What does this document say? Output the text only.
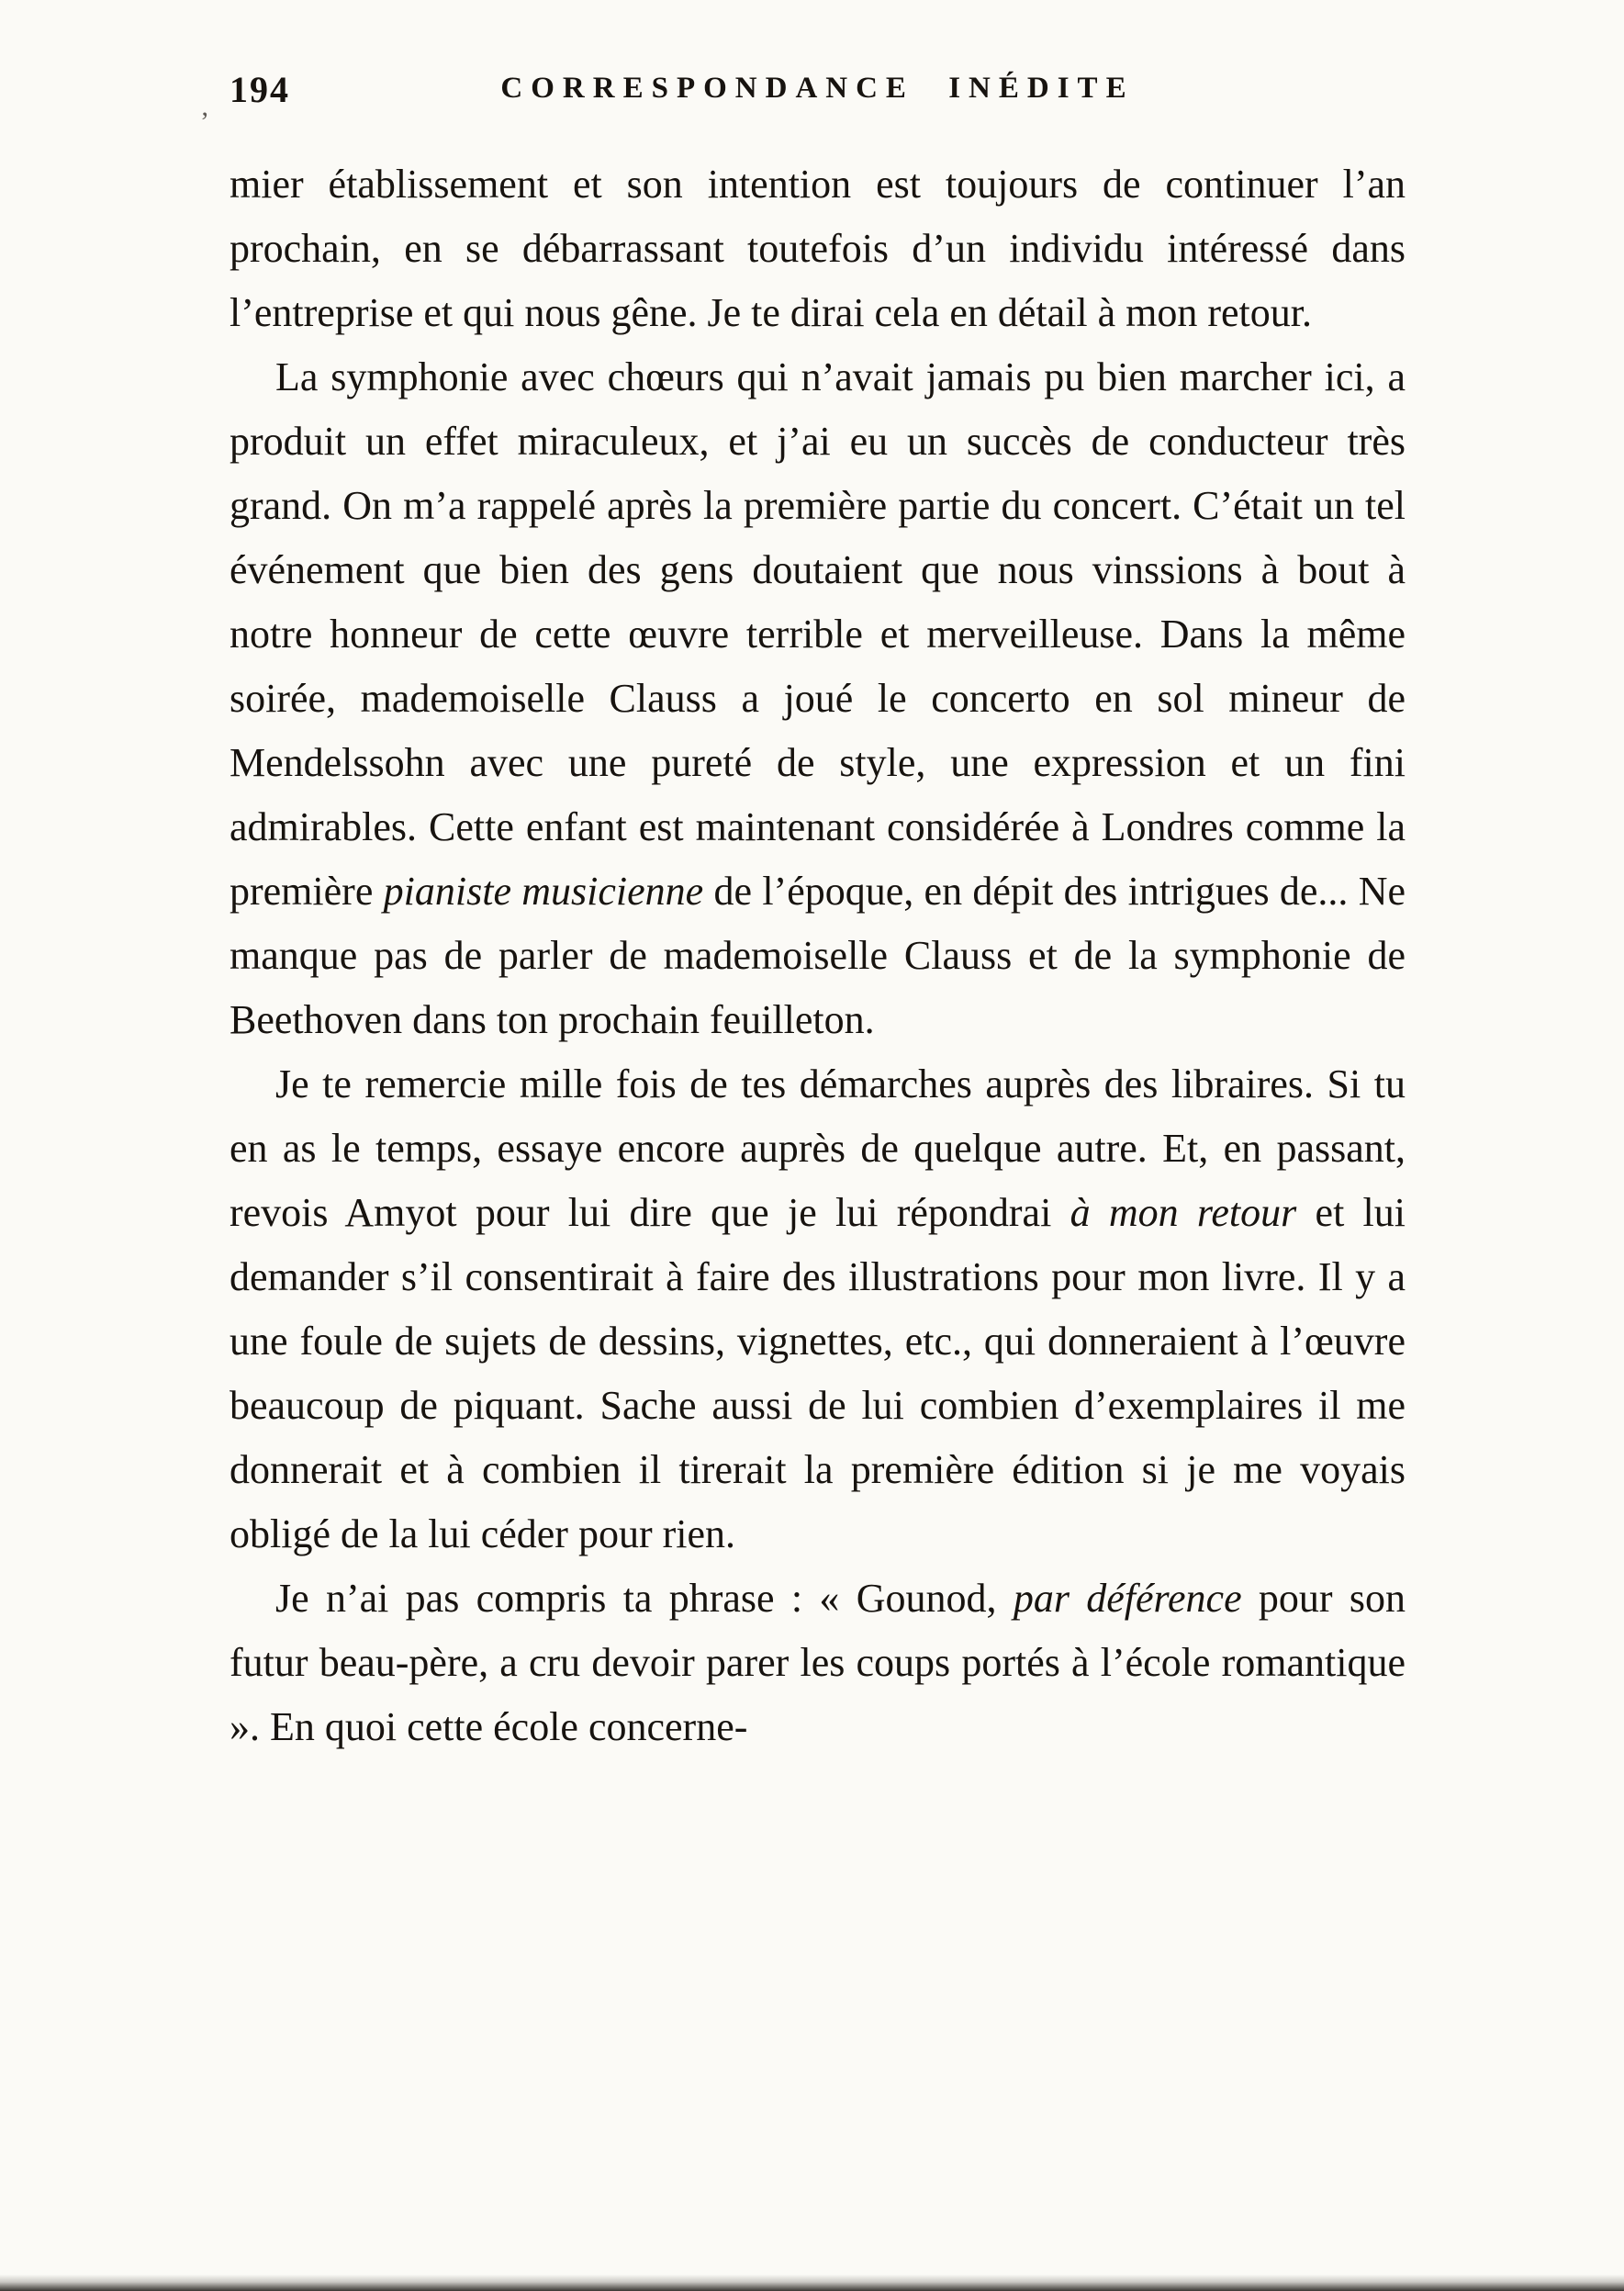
194
’
CORRESPONDANCE INÉDITE

mier établissement et son intention est toujours de continuer l’an prochain, en se débarrassant toutefois d’un individu intéressé dans l’entreprise et qui nous gêne. Je te dirai cela en détail à mon retour.

La symphonie avec chœurs qui n’avait jamais pu bien marcher ici, a produit un effet miraculeux, et j’ai eu un succès de conducteur très grand. On m’a rappelé après la première partie du concert. C’était un tel événement que bien des gens doutaient que nous vinssions à bout à notre honneur de cette œuvre terrible et merveilleuse. Dans la même soirée, mademoiselle Clauss a joué le concerto en sol mineur de Mendelssohn avec une pureté de style, une expression et un fini admirables. Cette enfant est maintenant considérée à Londres comme la première pianiste musicienne de l’époque, en dépit des intrigues de... Ne manque pas de parler de mademoiselle Clauss et de la symphonie de Beethoven dans ton prochain feuilleton.

Je te remercie mille fois de tes démarches auprès des libraires. Si tu en as le temps, essaye encore auprès de quelque autre. Et, en passant, revois Amyot pour lui dire que je lui répondrai à mon retour et lui demander s’il consentirait à faire des illustrations pour mon livre. Il y a une foule de sujets de dessins, vignettes, etc., qui donneraient à l’œuvre beaucoup de piquant. Sache aussi de lui combien d’exemplaires il me donnerait et à combien il tirerait la première édition si je me voyais obligé de la lui céder pour rien.

Je n’ai pas compris ta phrase : « Gounod, par déférence pour son futur beau-père, a cru devoir parer les coups portés à l’école romantique ». En quoi cette école concerne-
